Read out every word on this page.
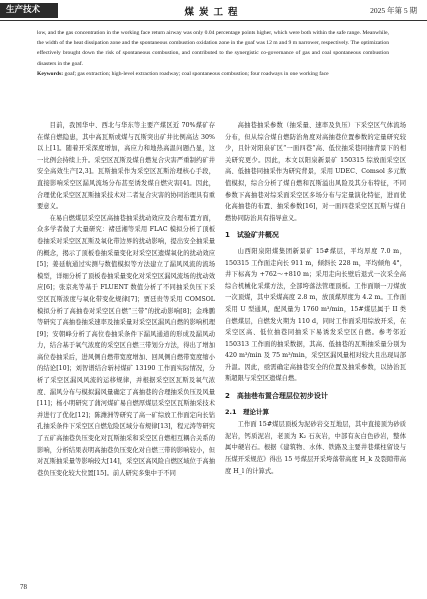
生产技术	煤炭工程	2025 年第 5 期

low, and the gas concentration in the working face return airway was only 0.04 percentage points higher, which were both within the safe range. Meanwhile, the width of the heat dissipation zone and the spontaneous combustion oxidation zone in the goaf was 12 m and 9 m narrower, respectively. The optimization effectively brought down the risk of spontaneous combustion, and contributed to the synergistic co-governance of gas and coal spontaneous combustion disasters in the goaf.

Keywords: goaf; gas extraction; high-level extraction roadway; coal spontaneous combustion; four roadways in one working face

目前，我国华中、西北与华东等主要产煤区近 70%煤矿存在煤自燃隐患，其中高瓦斯或煤与瓦斯突出矿井比例高达 30%以上[1]。随着开采深度增加，高应力和地热高温问题凸显，这一比例会持续上升。采空区瓦斯及煤自燃复合灾害严重制约矿井安全高效生产[2,3]。瓦斯抽采作为采空区瓦斯治理核心手段，直接影响采空区漏风流场分布甚至诱发煤自燃灾害[4]。因此，合理优化采空区瓦斯抽采技术对二者复合灾害的协同治理具有重要意义。

在易自燃煤层采空区高抽巷抽采扰动效应及合理布置方面，众多学者做了大量研究：褚廷湘等采用 FLAC 模拟分析了顶板卷抽采对采空区瓦斯及氧化带边界的扰动影响，提出安全抽采量的概念，揭示了顶板卷抽采量变化对采空区遗煤氧化的扰动效应[5]；姜延航通过实测与数值模拟等方法建立了漏风风流的流场模型，详细分析了顶板卷抽采量变化对采空区漏风流场的扰动效应[6]；张京兆等基于 FLUENT 数值分析了不同抽采负压下采空区瓦斯浓度与氧化带变化规律[7]；贾廷贵等采用 COMSOL 模拟分析了高抽卷对采空区自燃“三带”的扰动影响[8]；金珠鹏等研究了高抽卷抽采速率及抽采量对采空区漏风自燃的影响机理[9]；安朝峰分析了高位卷抽采条件下漏风通道的形成及漏风动力，结合基于氧气浓度的采空区自燃三带划分方法，得出了增加高位卷抽采后，进风侧自燃带宽度增加、回风侧自燃带宽度缩小的结论[10]；刘智谱结合斩村煤矿 13190 工作面实际情况，分析了采空区漏风风流的运移规律，并根据采空区瓦斯及氧气浓度、漏风分布与模拟漏风量确定了高抽巷的合理抽采负压及风量[11]；杨小明研究了蒲河煤矿易自燃厚煤层采空区瓦斯抽采技术并进行了优化[12]；陈潍洲等研究了高一矿综放工作面定向长钻孔抽采条件下采空区自燃危险区域分布规律[13]，程元涛等研究了五矿高抽巷负压变化对瓦斯抽采和采空区自燃相互耦合关系的影响，分析结果表明高抽巷负压变化对自燃三带的影响较小，但对瓦斯抽采量等影响较大[14]，采空区高风险自燃区域位于高抽巷负压变化较大位置[15]。前人研究多集中于不同

高抽巷抽采参数（抽采量、速率及负压）下采空区气体流场分布，但从综合煤自燃防治角度对高抽巷位置参数的定量研究较少，且针对阳泉矿区“一面四巷”高、低位抽采巷同抽背景下的相关研究更少。因此，本文以阳泉新景矿 150315 综放面采空区高、低抽巷同抽采作为研究背景，采用 UDEC、Comsol 多元数值模拟，综合分析了煤自燃和瓦斯溢出风险及其分布特征，不同参数下高抽巷对综采面采空区多场分布与定量演化特征，进而优化高抽巷的布置、抽采参数[16]，对一面四巷采空区瓦斯与煤自燃协同防治具有指导意义。

1　试验矿井概况

山西阳泉阳煤集团新景矿 15#煤层，平均厚度 7.0 m，150315 工作面走向长 911 m，倾斜长 228 m，平均倾角 4°，井下标高为 +762～+810 m；采用走向长壁后退式一次采全高综合机械化采煤方法，全部垮落法管理顶板。工作面顺一刀煤放一次顶煤，其中采煤高度 2.8 m，放顶煤厚度为 4.2 m。工作面采用 U 型通风，配风量为 1760 m³/min，15#煤层属于 II 类自燃煤层，自燃发火期为 110 d，同时工作面采用综放开采，在采空区高、低位抽巷同抽采下易诱发采空区自燃。参考邻近 150313 工作面的抽采数据，其高、低抽巷的瓦斯抽采量分别为 420 m³/min 及 75 m³/min，采空区漏风量相对较大且出现局部升温。因此，亟需确定高抽巷安全的位置及抽采参数，以协治瓦斯超限与采空区遗煤自燃。

2　高抽巷布置合理层位初步设计

2.1　理论计算

工作面 15#煤层顶板为泥砂岩交互地层，其中直接顶为砂质泥岩，钙质泥岩，老顶为 K₂ 石灰岩，中部有灰白色砂岩，整体属中硬岩石。根据《建筑物、水体、铁路及主要井巷煤柱留设与压煤开采规范》得出 15 号煤层开采垮落带高度 H_k 及裂隙带高度 H_l 的计算式。

78
